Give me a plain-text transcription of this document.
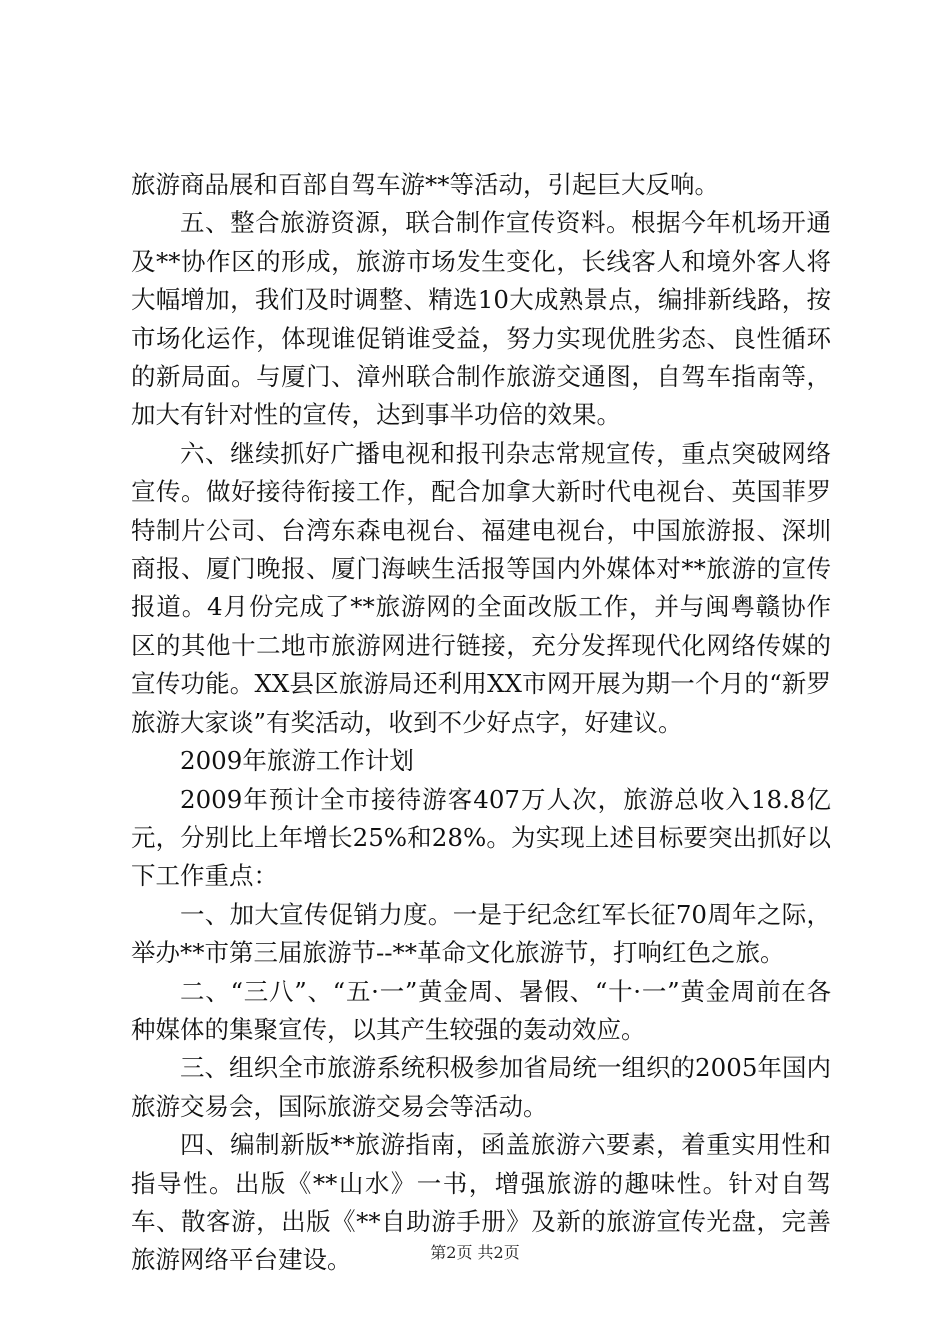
旅游商品展和百部自驾车游**等活动，引起巨大反响。

五、整合旅游资源，联合制作宣传资料。根据今年机场开通及**协作区的形成，旅游市场发生变化，长线客人和境外客人将大幅增加，我们及时调整、精选10大成熟景点，编排新线路，按市场化运作，体现谁促销谁受益，努力实现优胜劣态、良性循环的新局面。与厦门、漳州联合制作旅游交通图，自驾车指南等，加大有针对性的宣传，达到事半功倍的效果。

六、继续抓好广播电视和报刊杂志常规宣传，重点突破网络宣传。做好接待衔接工作，配合加拿大新时代电视台、英国菲罗特制片公司、台湾东森电视台、福建电视台，中国旅游报、深圳商报、厦门晚报、厦门海峡生活报等国内外媒体对**旅游的宣传报道。4月份完成了**旅游网的全面改版工作，并与闽粤赣协作区的其他十二地市旅游网进行链接，充分发挥现代化网络传媒的宣传功能。XX县区旅游局还利用XX市网开展为期一个月的“新罗旅游大家谈”有奖活动，收到不少好点字，好建议。

2009年旅游工作计划

2009年预计全市接待游客407万人次，旅游总收入18.8亿元，分别比上年增长25%和28%。为实现上述目标要突出抓好以下工作重点：

一、加大宣传促销力度。一是于纪念红军长征70周年之际，举办**市第三届旅游节--**革命文化旅游节，打响红色之旅。

二、“三八”、“五·一”黄金周、暑假、“十·一”黄金周前在各种媒体的集聚宣传，以其产生较强的轰动效应。

三、组织全市旅游系统积极参加省局统一组织的2005年国内旅游交易会，国际旅游交易会等活动。

四、编制新版**旅游指南，函盖旅游六要素，着重实用性和指导性。出版《**山水》一书，增强旅游的趣味性。针对自驾车、散客游，出版《**自助游手册》及新的旅游宣传光盘，完善旅游网络平台建设。	第2页 共2页
